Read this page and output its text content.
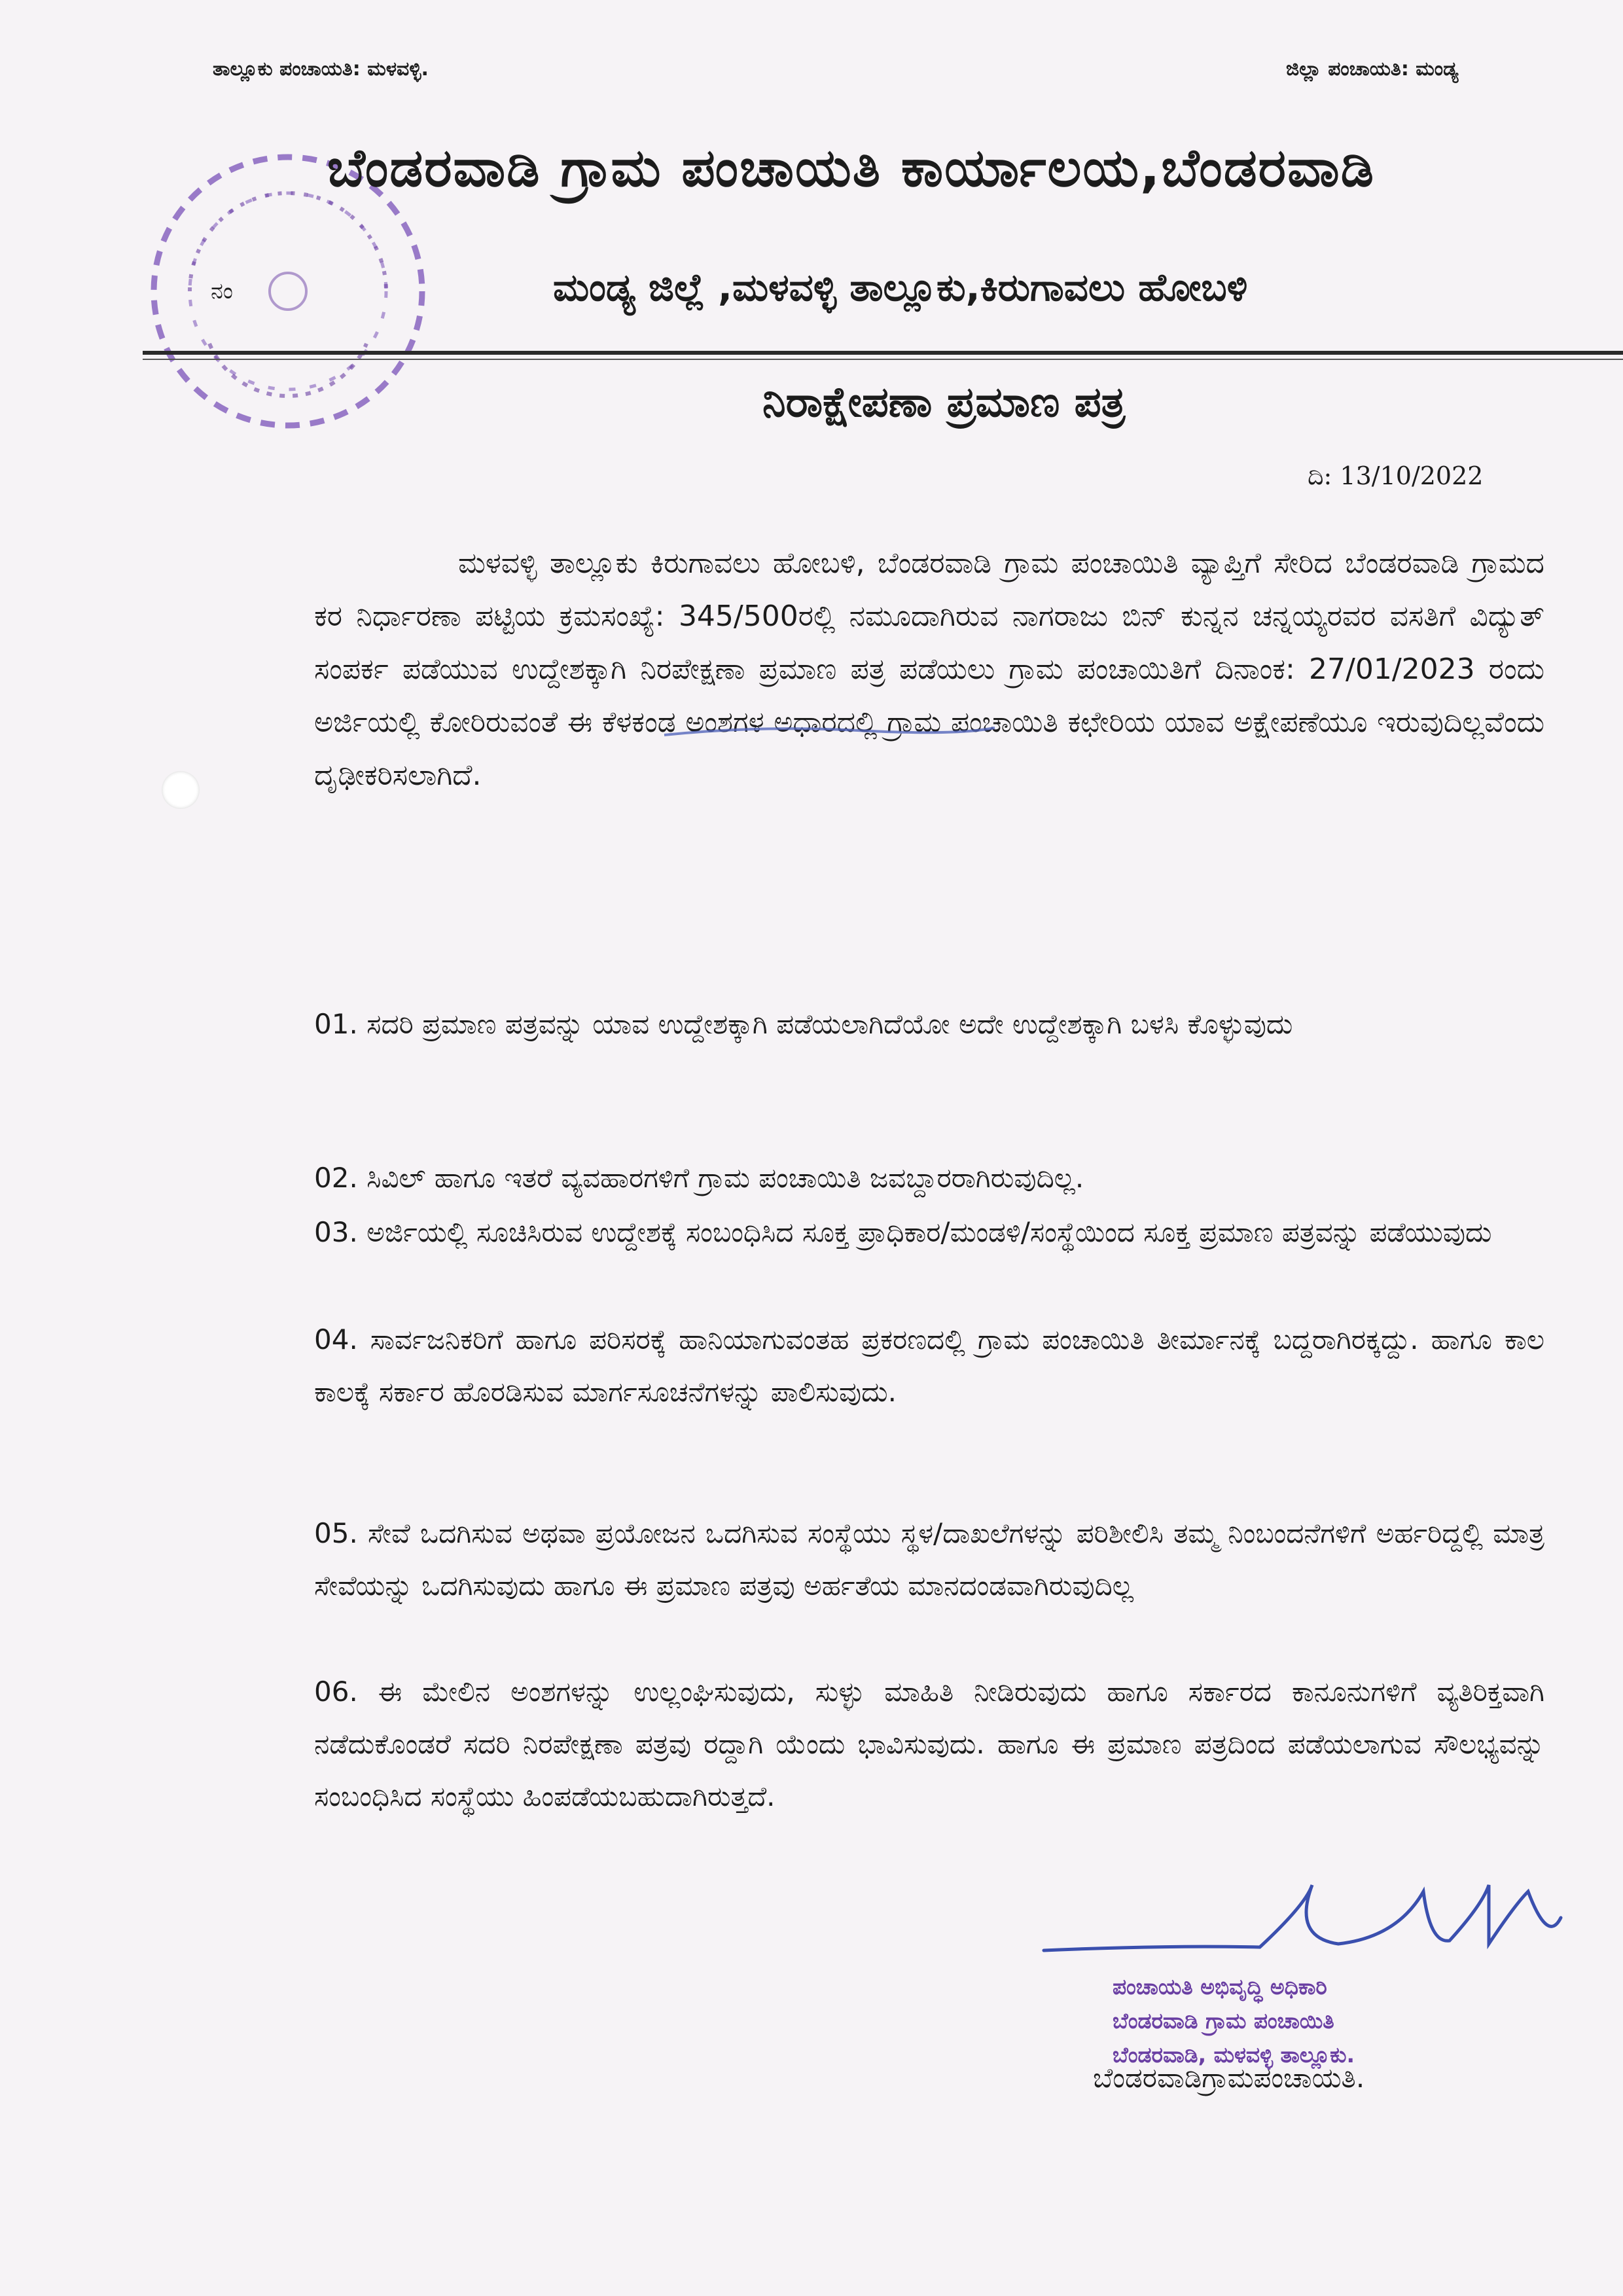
ತಾಲ್ಲೂಕು ಪಂಚಾಯತಿ: ಮಳವಳ್ಳಿ.	ಜಿಲ್ಲಾ ಪಂಚಾಯತಿ: ಮಂಡ್ಯ
ಬೆಂಡರವಾಡಿ ಗ್ರಾಮ ಪಂಚಾಯತಿ ಕಾರ್ಯಾಲಯ,ಬೆಂಡರವಾಡಿ
ನಂ	ಮಂಡ್ಯ ಜಿಲ್ಲೆ ,ಮಳವಳ್ಳಿ ತಾಲ್ಲೂಕು,ಕಿರುಗಾವಲು ಹೋಬಳಿ
ನಿರಾಕ್ಷೇಪಣಾ ಪ್ರಮಾಣ ಪತ್ರ
ದಿ: 13/10/2022
ಮಳವಳ್ಳಿ ತಾಲ್ಲೂಕು ಕಿರುಗಾವಲು ಹೋಬಳಿ, ಬೆಂಡರವಾಡಿ ಗ್ರಾಮ ಪಂಚಾಯಿತಿ ವ್ಯಾಪ್ತಿಗೆ ಸೇರಿದ ಬೆಂಡರವಾಡಿ ಗ್ರಾಮದ ಕರ ನಿರ್ಧಾರಣಾ ಪಟ್ಟಿಯ ಕ್ರಮಸಂಖ್ಯೆ: 345/500ರಲ್ಲಿ ನಮೂದಾಗಿರುವ ನಾಗರಾಜು ಬಿನ್ ಕುನ್ನನ ಚನ್ನಯ್ಯರವರ ವಸತಿಗೆ ವಿದ್ಯುತ್ ಸಂಪರ್ಕ ಪಡೆಯುವ ಉದ್ದೇಶಕ್ಕಾಗಿ ನಿರಪೇಕ್ಷಣಾ ಪ್ರಮಾಣ ಪತ್ರ ಪಡೆಯಲು ಗ್ರಾಮ ಪಂಚಾಯಿತಿಗೆ ದಿನಾಂಕ: 27/01/2023 ರಂದು ಅರ್ಜಿಯಲ್ಲಿ ಕೋರಿರುವಂತೆ ಈ ಕೆಳಕಂಡ ಅಂಶಗಳ ಅಧಾರದಲ್ಲಿ ಗ್ರಾಮ ಪಂಚಾಯಿತಿ ಕಛೇರಿಯ ಯಾವ ಅಕ್ಷೇಪಣೆಯೂ ಇರುವುದಿಲ್ಲವೆಂದು ದೃಢೀಕರಿಸಲಾಗಿದೆ.
01. ಸದರಿ ಪ್ರಮಾಣ ಪತ್ರವನ್ನು ಯಾವ ಉದ್ದೇಶಕ್ಕಾಗಿ ಪಡೆಯಲಾಗಿದೆಯೋ ಅದೇ ಉದ್ದೇಶಕ್ಕಾಗಿ ಬಳಸಿ ಕೊಳ್ಳುವುದು
02. ಸಿವಿಲ್ ಹಾಗೂ ಇತರೆ ವ್ಯವಹಾರಗಳಿಗೆ ಗ್ರಾಮ ಪಂಚಾಯಿತಿ ಜವಬ್ದಾರರಾಗಿರುವುದಿಲ್ಲ.
03. ಅರ್ಜಿಯಲ್ಲಿ ಸೂಚಿಸಿರುವ ಉದ್ದೇಶಕ್ಕೆ ಸಂಬಂಧಿಸಿದ ಸೂಕ್ತ ಪ್ರಾಧಿಕಾರ/ಮಂಡಳಿ/ಸಂಸ್ಥೆಯಿಂದ ಸೂಕ್ತ ಪ್ರಮಾಣ ಪತ್ರವನ್ನು ಪಡೆಯುವುದು
04. ಸಾರ್ವಜನಿಕರಿಗೆ ಹಾಗೂ ಪರಿಸರಕ್ಕೆ ಹಾನಿಯಾಗುವಂತಹ ಪ್ರಕರಣದಲ್ಲಿ ಗ್ರಾಮ ಪಂಚಾಯಿತಿ ತೀರ್ಮಾನಕ್ಕೆ ಬದ್ದರಾಗಿರಕ್ಕದ್ದು. ಹಾಗೂ ಕಾಲ ಕಾಲಕ್ಕೆ ಸರ್ಕಾರ ಹೊರಡಿಸುವ ಮಾರ್ಗಸೂಚನೆಗಳನ್ನು ಪಾಲಿಸುವುದು.
05. ಸೇವೆ ಒದಗಿಸುವ ಅಥವಾ ಪ್ರಯೋಜನ ಒದಗಿಸುವ ಸಂಸ್ಥೆಯು ಸ್ಥಳ/ದಾಖಲೆಗಳನ್ನು ಪರಿಶೀಲಿಸಿ ತಮ್ಮ ನಿಂಬಂದನೆಗಳಿಗೆ ಅರ್ಹರಿದ್ದಲ್ಲಿ ಮಾತ್ರ ಸೇವೆಯನ್ನು ಒದಗಿಸುವುದು ಹಾಗೂ ಈ ಪ್ರಮಾಣ ಪತ್ರವು ಅರ್ಹತೆಯ ಮಾನದಂಡವಾಗಿರುವುದಿಲ್ಲ
06. ಈ ಮೇಲಿನ ಅಂಶಗಳನ್ನು ಉಲ್ಲಂಘಿಸುವುದು, ಸುಳ್ಳು ಮಾಹಿತಿ ನೀಡಿರುವುದು ಹಾಗೂ ಸರ್ಕಾರದ ಕಾನೂನುಗಳಿಗೆ ವ್ಯತಿರಿಕ್ತವಾಗಿ ನಡೆದುಕೊಂಡರೆ ಸದರಿ ನಿರಪೇಕ್ಷಣಾ ಪತ್ರವು ರದ್ದಾಗಿ ಯೆಂದು ಭಾವಿಸುವುದು. ಹಾಗೂ ಈ ಪ್ರಮಾಣ ಪತ್ರದಿಂದ ಪಡೆಯಲಾಗುವ ಸೌಲಭ್ಯವನ್ನು ಸಂಬಂಧಿಸಿದ ಸಂಸ್ಥೆಯು ಹಿಂಪಡೆಯಬಹುದಾಗಿರುತ್ತದೆ.
ಪಂಚಾಯತಿ ಅಭಿವೃದ್ಧಿ ಅಧಿಕಾರಿ
ಬೆಂಡರವಾಡಿ ಗ್ರಾಮ ಪಂಚಾಯಿತಿ
ಬೆಂಡರವಾಡಿ, ಮಳವಳ್ಳಿ ತಾಲ್ಲೂಕು.
ಬೆಂಡರವಾಡಿಗ್ರಾಮಪಂಚಾಯತಿ.
